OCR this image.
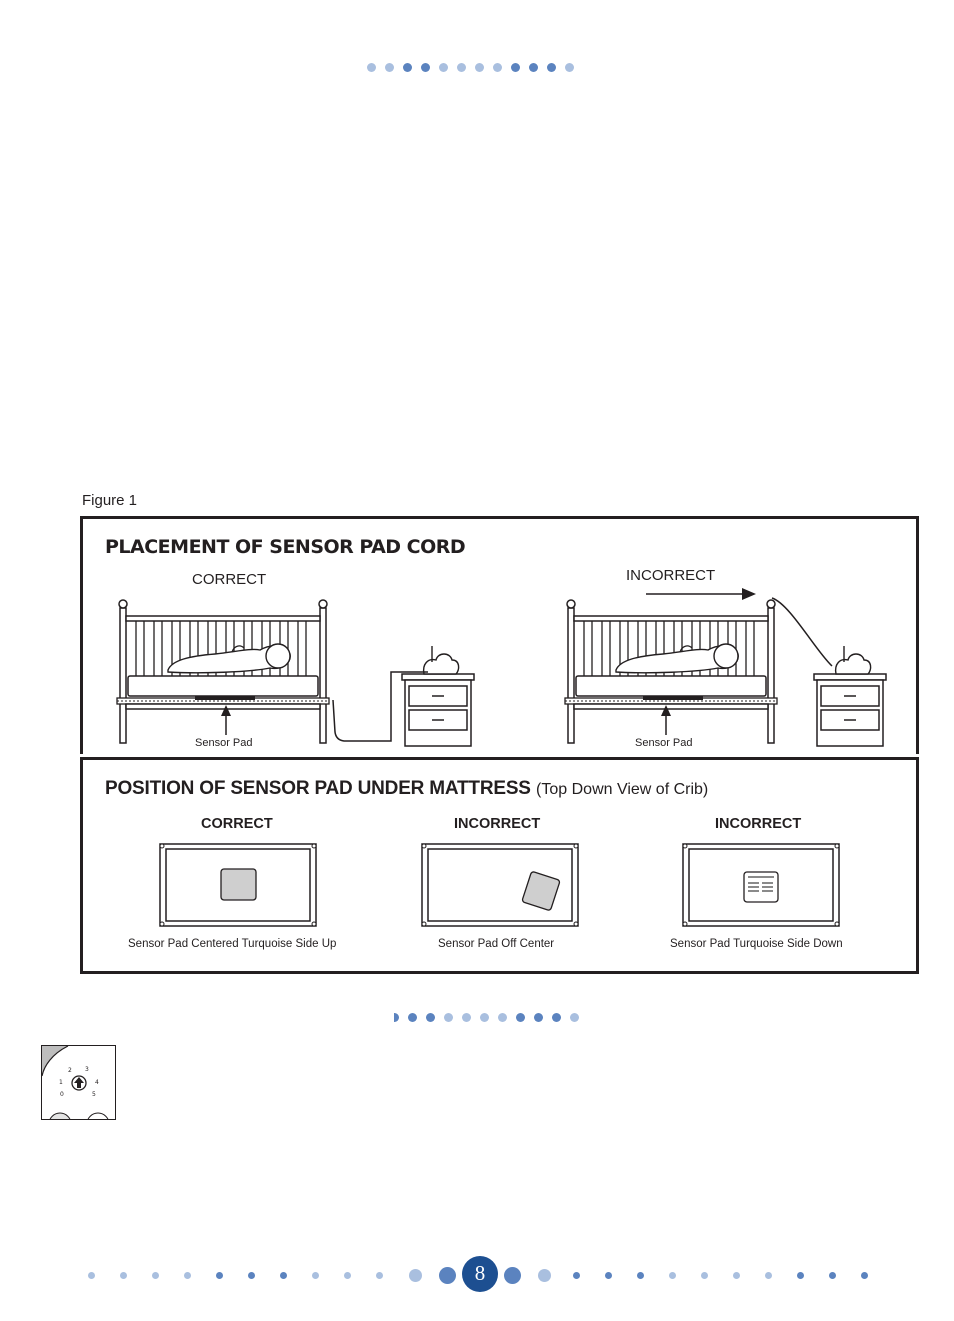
Figure 1
PLACEMENT OF SENSOR PAD CORD
CORRECT	INCORRECT
Sensor Pad	Sensor Pad
POSITION OF SENSOR PAD UNDER MATTRESS (Top Down View of Crib)
CORRECT	INCORRECT	INCORRECT
Sensor Pad Centered Turquoise Side Up	Sensor Pad Off Center	Sensor Pad Turquoise Side Down
2 3
1	4
0	5
8
